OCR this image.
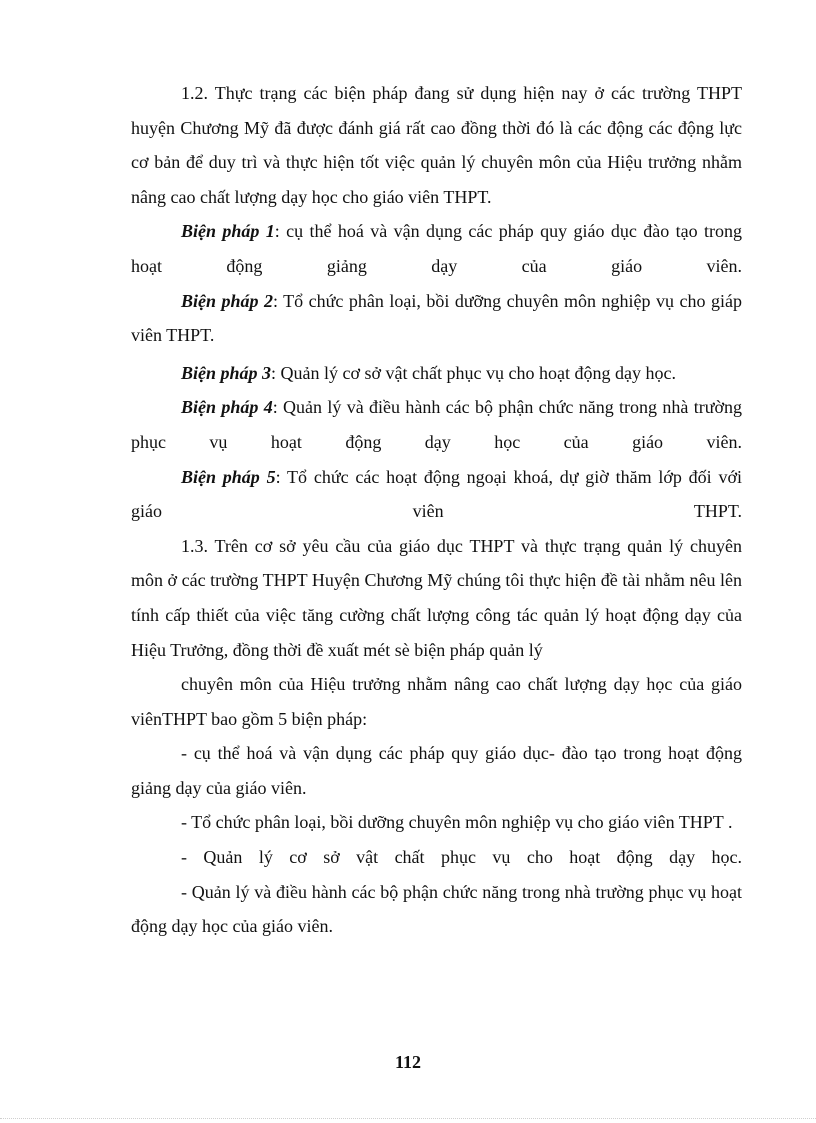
1.2. Thực trạng các biện pháp đang sử dụng hiện nay ở các trường THPT huyện Chương Mỹ đã được đánh giá rất cao đồng thời đó là các động các động lực cơ bản để duy trì và thực hiện tốt việc quản lý chuyên môn của Hiệu trưởng nhằm nâng cao chất lượng dạy học cho giáo viên THPT.

Biện pháp 1: cụ thể hoá và vận dụng các pháp quy giáo dục đào tạo trong hoạt động giảng dạy của giáo viên.

Biện pháp 2: Tổ chức phân loại, bồi dưỡng chuyên môn nghiệp vụ cho giáp viên THPT.

Biện pháp 3: Quản lý cơ sở vật chất phục vụ cho hoạt động dạy học.

Biện pháp 4: Quản lý và điều hành các bộ phận chức năng trong nhà trường phục vụ hoạt động dạy học của giáo viên.

Biện pháp 5: Tổ chức các hoạt động ngoại khoá, dự giờ thăm lớp đối với giáo viên THPT.

1.3. Trên cơ sở yêu cầu của giáo dục THPT và thực trạng quản lý chuyên môn ở các trường THPT Huyện Chương Mỹ chúng tôi thực hiện đề tài nhằm nêu lên tính cấp thiết của việc tăng cường chất lượng công tác quản lý hoạt động dạy của Hiệu Trưởng, đồng thời đề xuất mét sè biện pháp quản lý

chuyên môn của Hiệu trưởng nhằm nâng cao chất lượng dạy học của giáo viênTHPT bao gồm 5 biện pháp:

- cụ thể hoá và vận dụng các pháp quy giáo dục- đào tạo trong hoạt động giảng dạy của giáo viên.

- Tổ chức phân loại, bồi dưỡng chuyên môn nghiệp vụ cho giáo viên THPT .

- Quản lý cơ sở vật chất phục vụ cho hoạt động dạy học.

- Quản lý và điều hành các bộ phận chức năng trong nhà trường phục vụ hoạt động dạy học của giáo viên.

112
